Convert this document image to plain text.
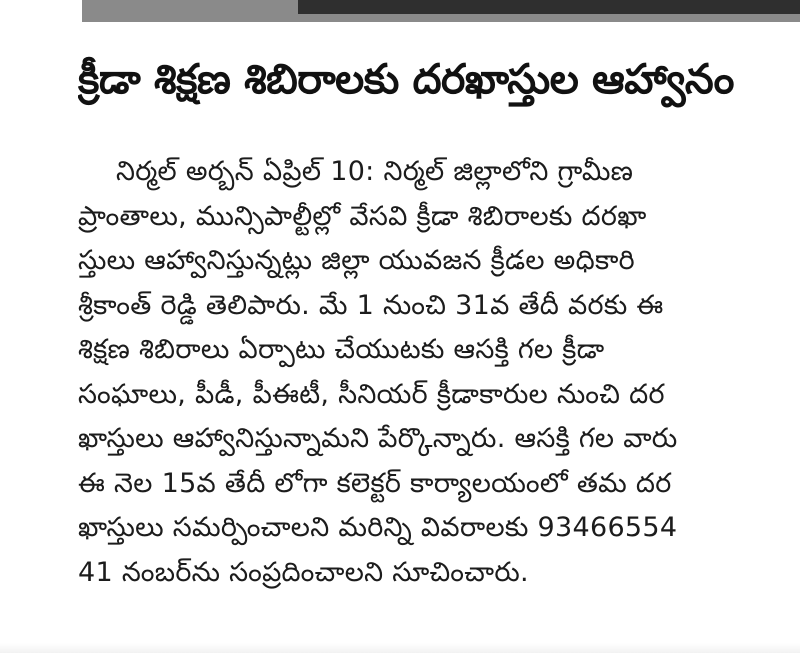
క్రీడా శిక్షణ శిబిరాలకు దరఖాస్తుల ఆహ్వానం
నిర్మల్ అర్బన్ ఏప్రిల్ 10: నిర్మల్ జిల్లాలోని గ్రామీణ
ప్రాంతాలు, మున్సిపాల్టీల్లో వేసవి క్రీడా శిబిరాలకు దరఖా
స్తులు ఆహ్వానిస్తున్నట్లు జిల్లా యువజన క్రీడల అధికారి
శ్రీకాంత్ రెడ్డి తెలిపారు. మే 1 నుంచి 31వ తేదీ వరకు ఈ
శిక్షణ శిబిరాలు ఏర్పాటు చేయుటకు ఆసక్తి గల క్రీడా
సంఘాలు, పీడీ, పీఈటీ, సీనియర్ క్రీడాకారుల నుంచి దర
ఖాస్తులు ఆహ్వానిస్తున్నామని పేర్కొన్నారు. ఆసక్తి గల వారు
ఈ నెల 15వ తేదీ లోగా కలెక్టర్ కార్యాలయంలో తమ దర
ఖాస్తులు సమర్పించాలని మరిన్ని వివరాలకు 93466554
41 నంబర్‌ను సంప్రదించాలని సూచించారు.
